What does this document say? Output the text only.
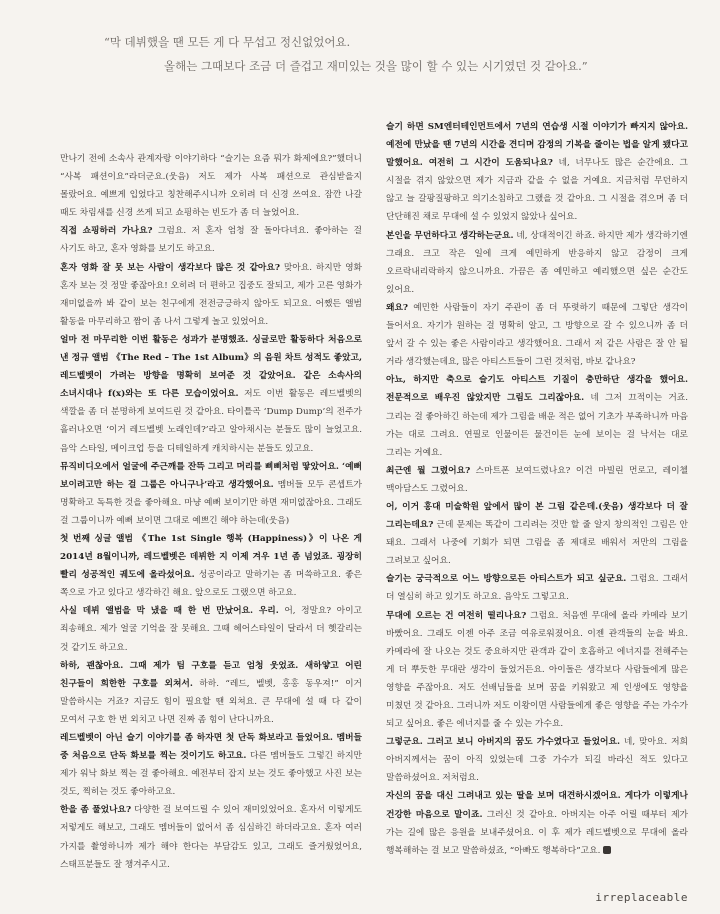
“막 데뷔했을 땐 모든 게 다 무섭고 정신없었어요.
올해는 그때보다 조금 더 즐겁고 재미있는 것을 많이 할 수 있는 시기였던 것 같아요.”

만나기 전에 소속사 관계자랑 이야기하다 “슬기는 요즘 뭐가 화제에요?”했더니 “사복 패션이요”라더군요.(웃음) 저도 제가 사복 패션으로 관심받을지 몰랐어요. 예쁘게 입었다고 칭찬해주시니까 오히려 더 신경 쓰여요. 잠깐 나갈 때도 차림새를 신경 쓰게 되고 쇼핑하는 빈도가 좀 더 늘었어요.

직접 쇼핑하러 가나요? 그럼요. 저 혼자 엄청 잘 돌아다녀요. 좋아하는 걸 사기도 하고, 혼자 영화를 보기도 하고요.

혼자 영화 잘 못 보는 사람이 생각보다 많은 것 같아요? 맞아요. 하지만 영화 혼자 보는 것 정말 좋잖아요! 오히려 더 편하고 집중도 잘되고, 제가 고른 영화가 재미없을까 봐 같이 보는 친구에게 전전긍긍하지 않아도 되고요. 어쨌든 앨범 활동을 마무리하고 짬이 좀 나서 그렇게 놀고 있었어요.

얼마 전 마무리한 이번 활동은 성과가 분명했죠. 싱글로만 활동하다 처음으로 낸 정규 앨범 《The Red – The 1st Album》의 음원 차트 성적도 좋았고, 레드벨벳이 가려는 방향을 명확히 보여준 것 같았어요. 같은 소속사의 소녀시대나 f(x)와는 또 다른 모습이었어요. 저도 이번 활동은 레드벨벳의 색깔을 좀 더 분명하게 보여드린 것 같아요. 타이틀곡 ‘Dump Dump’의 전주가 흘러나오면 ‘이거 레드벨벳 노래인데?’라고 알아채시는 분들도 많이 늘었고요. 음악 스타일, 메이크업 등을 디테일하게 캐치하시는 분들도 있고요.

뮤직비디오에서 얼굴에 주근깨를 잔뜩 그리고 머리를 삐삐처럼 땋았어요. ‘예뻐 보이려고만 하는 걸 그룹은 아니구나’라고 생각했어요. 멤버들 모두 콘셉트가 명확하고 독특한 것을 좋아해요. 마냥 예뻐 보이기만 하면 재미없잖아요. 그래도 걸 그룹이니까 예뻐 보이면 그대로 예쁘긴 해야 하는데(웃음)

첫 번째 싱글 앨범 《The 1st Single 행복 (Happiness)》이 나온 게 2014년 8월이니까, 레드벨벳은 데뷔한 지 이제 겨우 1년 좀 넘었죠. 굉장히 빨리 성공적인 궤도에 올라섰어요. 성공이라고 말하기는 좀 머쓱하고요. 좋은 쪽으로 가고 있다고 생각하긴 해요. 앞으로도 그랬으면 하고요.

사실 데뷔 앨범을 막 냈을 때 한 번 만났어요. 우리. 어, 정말요? 아이고 죄송해요. 제가 얼굴 기억을 잘 못해요. 그때 헤어스타일이 달라서 더 헷갈리는 것 같기도 하고요.

하하, 괜찮아요. 그때 제가 팀 구호를 듣고 엄청 웃었죠. 새하얗고 어린 친구들이 희한한 구호를 외쳐서. 하하. “레드, 벨벳, 홍홍 동우져!” 이거 말씀하시는 거죠? 지금도 힘이 필요할 땐 외쳐요. 큰 무대에 설 때 다 같이 모여서 구호 한 번 외치고 나면 진짜 좀 힘이 난다니까요.

레드벨벳이 아닌 슬기 이야기를 좀 하자면 첫 단독 화보라고 들었어요. 멤버들 중 처음으로 단독 화보를 찍는 것이기도 하고요. 다른 멤버들도 그렇긴 하지만 제가 워낙 화보 찍는 걸 좋아해요. 예전부터 잡지 보는 것도 좋아했고 사진 보는 것도, 찍히는 것도 좋아하고요.

한을 좀 풀었나요? 다양한 걸 보여드릴 수 있어 재미있었어요. 혼자서 이렇게도 저렇게도 해보고, 그래도 멤버들이 없어서 좀 심심하긴 하더라고요. 혼자 여러 가지를 촬영하니까 제가 해야 한다는 부담감도 있고, 그래도 즐거웠었어요, 스태프분들도 잘 챙겨주시고.

슬기 하면 SM엔터테인먼트에서 7년의 연습생 시절 이야기가 빠지지 않아요. 예전에 만났을 땐 7년의 시간을 견디며 감정의 기복을 줄이는 법을 알게 됐다고 말했어요. 여전히 그 시간이 도움되나요? 네, 너무나도 많은 순간에요. 그 시절을 겪지 않았으면 제가 지금과 같을 수 없을 거예요. 지금처럼 무던하지 않고 늘 갈팡질팡하고 의기소침하고 그랬을 것 같아요. 그 시절을 겪으며 좀 더 단단해진 채로 무대에 설 수 있었지 않았나 싶어요.

본인을 무던하다고 생각하는군요. 네, 상대적이긴 하죠. 하지만 제가 생각하기엔 그래요. 크고 작은 일에 크게 예민하게 반응하지 않고 감정이 크게 오르락내리락하지 않으니까요. 가끔은 좀 예민하고 예리했으면 싶은 순간도 있어요.

왜요? 예민한 사람들이 자기 주관이 좀 더 뚜렷하기 때문에 그렇단 생각이 들어서요. 자기가 원하는 걸 명확히 알고, 그 방향으로 갈 수 있으니까 좀 더 앞서 갈 수 있는 좋은 사람이라고 생각했어요. 그래서 저 같은 사람은 잘 안 될 거라 생각했는데요, 많은 아티스트들이 그런 것처럼, 바보 같나요?

아뇨, 하지만 축으로 슬기도 아티스트 기질이 충만하단 생각을 했어요. 전문적으로 배우진 않았지만 그림도 그리잖아요. 네 그저 끄적이는 거죠. 그리는 걸 좋아하긴 하는데 제가 그림을 배운 적은 없어 기초가 부족하니까 마음 가는 대로 그려요. 연필로 인물이든 물건이든 눈에 보이는 걸 낙서는 대로 그리는 거예요.

최근엔 뭘 그렸어요? 스마트폰 보여드렸나요? 이건 마빌린 먼로고, 레이첼 맥아담스도 그렸어요.

어, 이거 홍대 미술학원 앞에서 많이 본 그림 같은데.(웃음) 생각보다 더 잘 그리는데요? 근데 문제는 똑같이 그리려는 것만 할 줄 알지 창의적인 그림은 안 돼요. 그래서 나중에 기회가 되면 그림을 좀 제대로 배워서 저만의 그림을 그려보고 싶어요.

슬기는 궁극적으로 어느 방향으로든 아티스트가 되고 싶군요. 그럼요. 그래서 더 열심히 하고 있기도 하고요. 음악도 그렇고요.

무대에 오르는 건 여전히 떨리나요? 그럼요. 처음엔 무대에 올라 카메라 보기 바빴어요. 그래도 이젠 아주 조금 여유로워졌어요. 이젠 관객들의 눈을 봐요. 카메라에 잘 나오는 것도 중요하지만 관객과 같이 호흡하고 에너지를 전해주는 게 더 뿌듯한 무대란 생각이 들었거든요. 아이돌은 생각보다 사람들에게 많은 영향을 주잖아요. 저도 선배님들을 보며 꿈을 키워왔고 제 인생에도 영향을 미쳤던 것 같아요. 그러니까 저도 이왕이면 사람들에게 좋은 영향을 주는 가수가 되고 싶어요. 좋은 에너지를 줄 수 있는 가수요.

그렇군요. 그러고 보니 아버지의 꿈도 가수였다고 들었어요. 네, 맞아요. 저희 아버지께서는 꿈이 아직 있었는데 그중 가수가 되길 바라신 적도 있다고 말씀하셨어요. 저처럼요.

자신의 꿈을 대신 그려내고 있는 딸을 보며 대견하시겠어요. 게다가 이렇게나 건강한 마음으로 말이죠. 그러신 것 같아요. 아버지는 아주 어릴 때부터 제가 가는 길에 많은 응원을 보내주셨어요. 이 후 제가 레드벨벳으로 무대에 올라 행복해하는 걸 보고 말씀하셨죠, “아빠도 행복하다”고요.

irreplaceable
